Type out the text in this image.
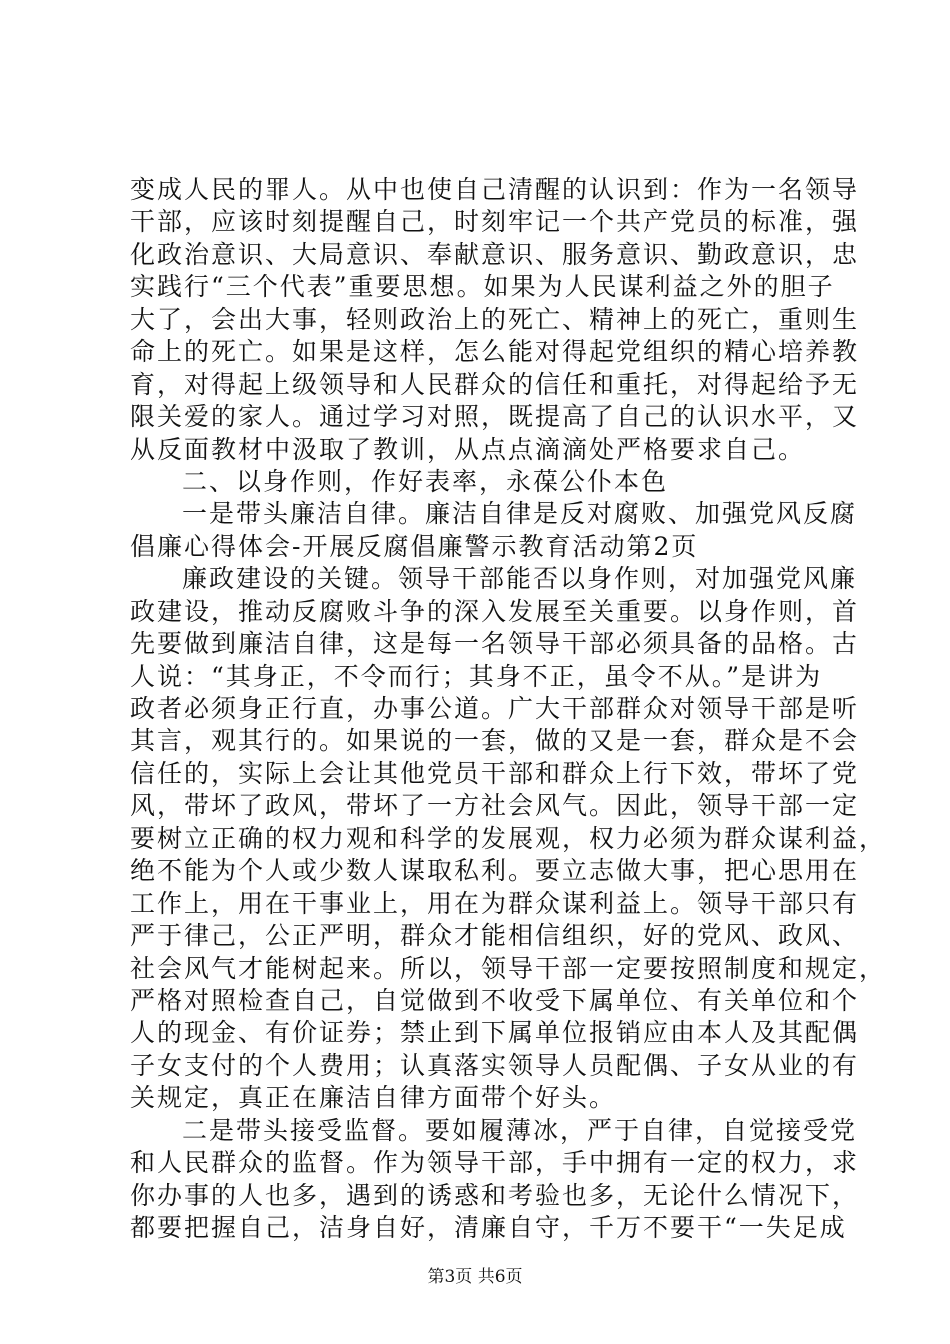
变成人民的罪人。从中也使自己清醒的认识到：作为一名领导
干部，应该时刻提醒自己，时刻牢记一个共产党员的标准，强
化政治意识、大局意识、奉献意识、服务意识、勤政意识，忠
实践行“三个代表”重要思想。如果为人民谋利益之外的胆子
大了，会出大事，轻则政治上的死亡、精神上的死亡，重则生
命上的死亡。如果是这样，怎么能对得起党组织的精心培养教
育，对得起上级领导和人民群众的信任和重托，对得起给予无
限关爱的家人。通过学习对照，既提高了自己的认识水平，又
从反面教材中汲取了教训，从点点滴滴处严格要求自己。
二、以身作则，作好表率，永葆公仆本色
一是带头廉洁自律。廉洁自律是反对腐败、加强党风反腐
倡廉心得体会-开展反腐倡廉警示教育活动第2页
廉政建设的关键。领导干部能否以身作则，对加强党风廉
政建设，推动反腐败斗争的深入发展至关重要。以身作则，首
先要做到廉洁自律，这是每一名领导干部必须具备的品格。古
人说：“其身正，不令而行；其身不正，虽令不从。”是讲为
政者必须身正行直，办事公道。广大干部群众对领导干部是听
其言，观其行的。如果说的一套，做的又是一套，群众是不会
信任的，实际上会让其他党员干部和群众上行下效，带坏了党
风，带坏了政风，带坏了一方社会风气。因此，领导干部一定
要树立正确的权力观和科学的发展观，权力必须为群众谋利益，
绝不能为个人或少数人谋取私利。要立志做大事，把心思用在
工作上，用在干事业上，用在为群众谋利益上。领导干部只有
严于律己，公正严明，群众才能相信组织，好的党风、政风、
社会风气才能树起来。所以，领导干部一定要按照制度和规定，
严格对照检查自己，自觉做到不收受下属单位、有关单位和个
人的现金、有价证券；禁止到下属单位报销应由本人及其配偶
子女支付的个人费用；认真落实领导人员配偶、子女从业的有
关规定，真正在廉洁自律方面带个好头。
二是带头接受监督。要如履薄冰，严于自律，自觉接受党
和人民群众的监督。作为领导干部，手中拥有一定的权力，求
你办事的人也多，遇到的诱惑和考验也多，无论什么情况下，
都要把握自己，洁身自好，清廉自守，千万不要干“一失足成
第3页 共6页
